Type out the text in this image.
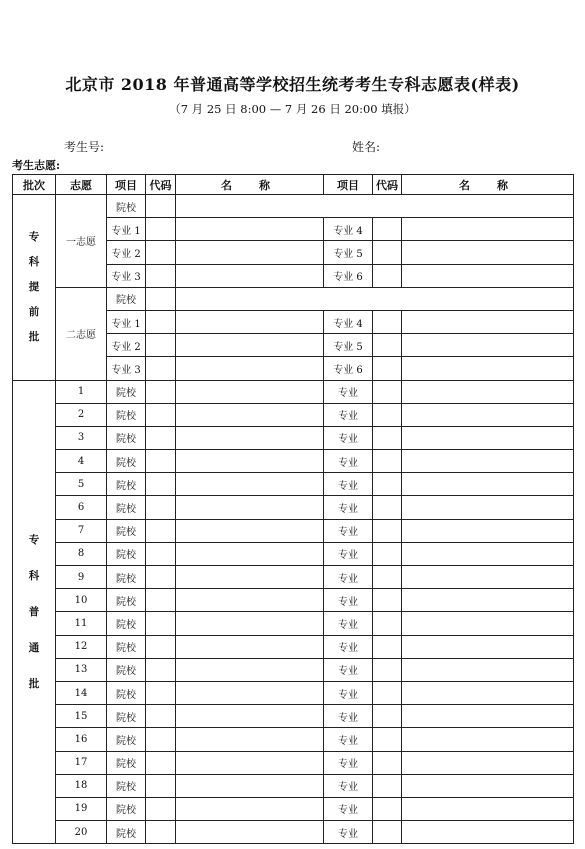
北京市 2018 年普通高等学校招生统考考生专科志愿表(样表)
（7 月 25 日 8:00 — 7 月 26 日 20:00 填报）
考生号:	姓名:
考生志愿:
批次	志愿	项目	代码	名　称	项目	代码	名　称

专
科
提
前
批	一志愿	院校					
		专业 1			专业 4		
		专业 2			专业 5		
		专业 3			专业 6		
	二志愿	院校					
		专业 1			专业 4		
		专业 2			专业 5		
		专业 3			专业 6		

专
科
普
通
批	1	院校			专业		
	2	院校			专业		
	3	院校			专业		
	4	院校			专业		
	5	院校			专业		
	6	院校			专业		
	7	院校			专业		
	8	院校			专业		
	9	院校			专业		
	10	院校			专业		
	11	院校			专业		
	12	院校			专业		
	13	院校			专业		
	14	院校			专业		
	15	院校			专业		
	16	院校			专业		
	17	院校			专业		
	18	院校			专业		
	19	院校			专业		
	20	院校			专业		
